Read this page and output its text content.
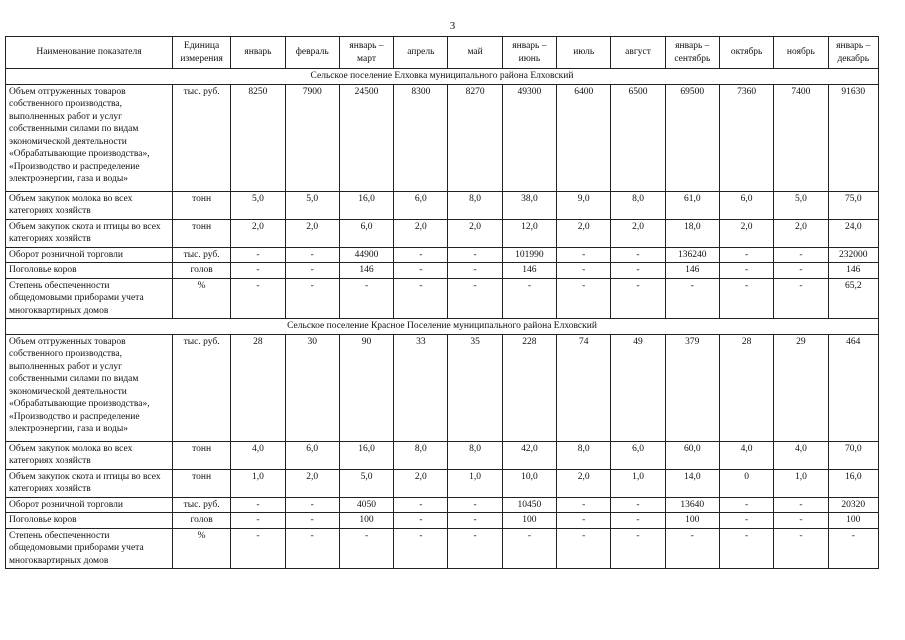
3
Наименование показателя	Единица измерения	январь	февраль	январь – март	апрель	май	январь – июнь	июль	август	январь – сентябрь	октябрь	ноябрь	январь – декабрь
Сельское поселение Елховка муниципального района Елховский													
Объем отгруженных товаров собственного производства, выполненных работ и услуг собственными силами по видам экономической деятельности «Обрабатывающие производства», «Производство и распределение электроэнергии, газа и воды»	тыс. руб.	8250	7900	24500	8300	8270	49300	6400	6500	69500	7360	7400	91630
Объем закупок молока во всех категориях хозяйств	тонн	5,0	5,0	16,0	6,0	8,0	38,0	9,0	8,0	61,0	6,0	5,0	75,0
Объем закупок скота и птицы во всех категориях хозяйств	тонн	2,0	2,0	6,0	2,0	2,0	12,0	2,0	2,0	18,0	2,0	2,0	24,0
Оборот розничной торговли	тыс. руб.	-	-	44900	-	-	101990	-	-	136240	-	-	232000
Поголовье коров	голов	-	-	146	-	-	146	-	-	146	-	-	146
Степень обеспеченности общедомовыми приборами учета многоквартирных домов	%	-	-	-	-	-	-	-	-	-	-	-	65,2
Сельское поселение Красное Поселение муниципального района Елховский													
Объем отгруженных товаров собственного производства, выполненных работ и услуг собственными силами по видам экономической деятельности «Обрабатывающие производства», «Производство и распределение электроэнергии, газа и воды»	тыс. руб.	28	30	90	33	35	228	74	49	379	28	29	464
Объем закупок молока во всех категориях хозяйств	тонн	4,0	6,0	16,0	8,0	8,0	42,0	8,0	6,0	60,0	4,0	4,0	70,0
Объем закупок скота и птицы во всех категориях хозяйств	тонн	1,0	2,0	5,0	2,0	1,0	10,0	2,0	1,0	14,0	0	1,0	16,0
Оборот розничной торговли	тыс. руб.	-	-	4050	-	-	10450	-	-	13640	-	-	20320
Поголовье коров	голов	-	-	100	-	-	100	-	-	100	-	-	100
Степень обеспеченности общедомовыми приборами учета многоквартирных домов	%	-	-	-	-	-	-	-	-	-	-	-	-
